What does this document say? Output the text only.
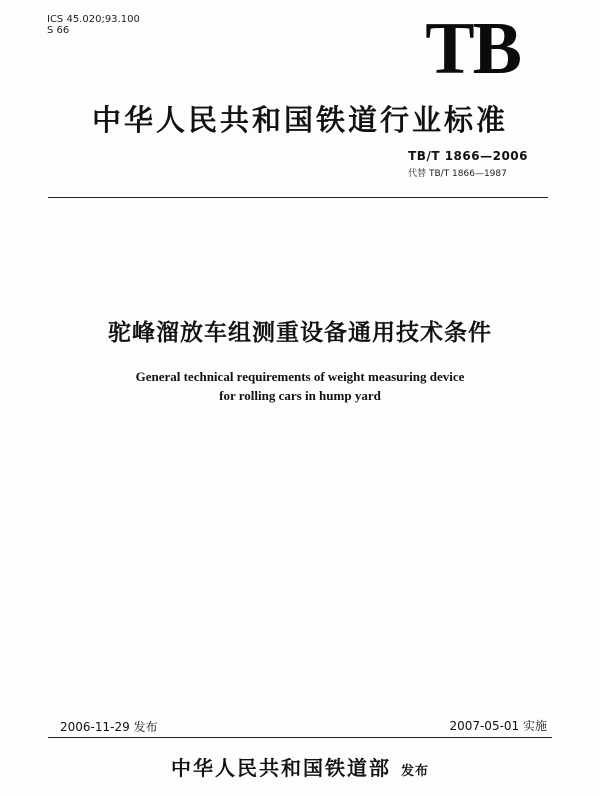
ICS 45.020;93.100
S 66	TB
中华人民共和国铁道行业标准
TB/T 1866—2006
代替 TB/T 1866—1987
驼峰溜放车组测重设备通用技术条件
General technical requirements of weight measuring device
for rolling cars in hump yard
2006-11-29 发布	2007-05-01 实施
中华人民共和国铁道部 发布
